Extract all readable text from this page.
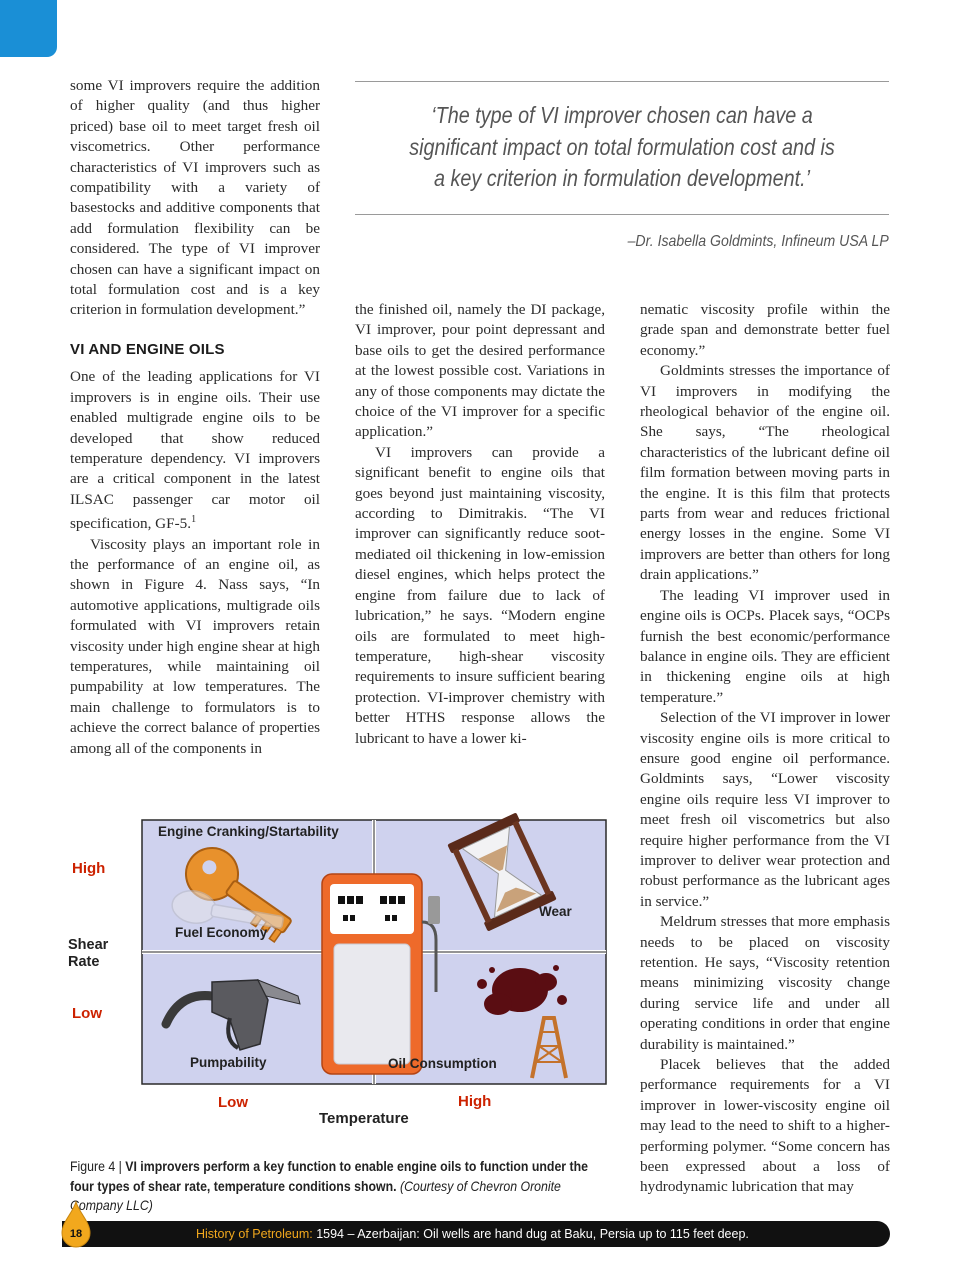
some VI improvers require the addition of higher quality (and thus higher priced) base oil to meet target fresh oil viscometrics. Other performance characteristics of VI improvers such as compatibility with a variety of basestocks and additive components that add formulation flexibility can be considered. The type of VI improver chosen can have a significant impact on total formulation cost and is a key criterion in formulation development.”

VI AND ENGINE OILS

One of the leading applications for VI improvers is in engine oils. Their use enabled multigrade engine oils to be developed that show reduced temperature dependency. VI improvers are a critical component in the latest ILSAC passenger car motor oil specification, GF-5.$^1$

Viscosity plays an important role in the performance of an engine oil, as shown in Figure 4. Nass says, “In automotive applications, multigrade oils formulated with VI improvers retain viscosity under high engine shear at high temperatures, while maintaining oil pumpability at low temperatures. The main challenge to formulators is to achieve the correct balance of properties among all of the components in

‘The type of VI improver chosen can have a significant impact on total formulation cost and is a key criterion in formulation development.’
–Dr. Isabella Goldmints, Infineum USA LP

the finished oil, namely the DI package, VI improver, pour point depressant and base oils to get the desired performance at the lowest possible cost. Variations in any of those components may dictate the choice of the VI improver for a specific application.”

VI improvers can provide a significant benefit to engine oils that goes beyond just maintaining viscosity, according to Dimitrakis. “The VI improver can significantly reduce soot-mediated oil thickening in low-emission diesel engines, which helps protect the engine from failure due to lack of lubrication,” he says. “Modern engine oils are formulated to meet high-temperature, high-shear viscosity requirements to insure sufficient bearing protection. VI-improver chemistry with better HTHS response allows the lubricant to have a lower ki-

nematic viscosity profile within the grade span and demonstrate better fuel economy.”

Goldmints stresses the importance of VI improvers in modifying the rheological behavior of the engine oil. She says, “The rheological characteristics of the lubricant define oil film formation between moving parts in the engine. It is this film that protects parts from wear and reduces frictional energy losses in the engine. Some VI improvers are better than others for long drain applications.”

The leading VI improver used in engine oils is OCPs. Placek says, “OCPs furnish the best economic/performance balance in engine oils. They are efficient in thickening engine oils at high temperature.”

Selection of the VI improver in lower viscosity engine oils is more critical to ensure good engine oil performance. Goldmints says, “Lower viscosity engine oils require less VI improver to meet fresh oil viscometrics but also require higher performance from the VI improver to deliver wear protection and robust performance as the lubricant ages in service.”

Meldrum stresses that more emphasis needs to be placed on viscosity retention. He says, “Viscosity retention means minimizing viscosity change during service life and under all operating conditions in order that engine durability is maintained.”

Placek believes that the added performance requirements for a VI improver in lower-viscosity engine oil may lead to the need to shift to a higher-performing polymer. “Some concern has been expressed about a loss of hydrodynamic lubrication that may

Engine Cranking/Startability
Fuel Economy
Wear
Pumpability	Oil Consumption
High
Shear
Rate
Low
Low	High
Temperature
Figure 4 | VI improvers perform a key function to enable engine oils to function under the four types of shear rate, temperature conditions shown. (Courtesy of Chevron Oronite Company LLC)
18	History of Petroleum: 1594 – Azerbaijan: Oil wells are hand dug at Baku, Persia up to 115 feet deep.
